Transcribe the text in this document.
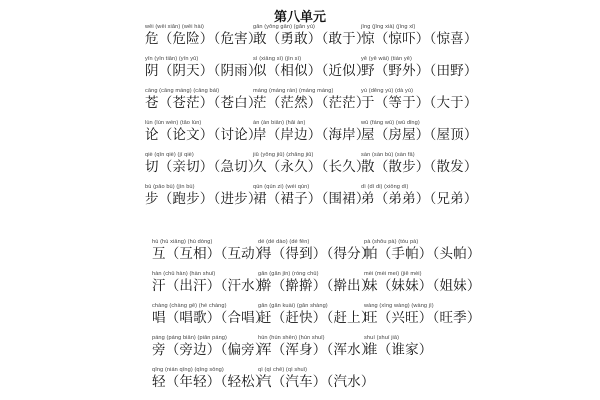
第八单元
wēi (wēi xiǎn) (wēi hài)
危（危险）（危害）
gǎn (yǒng gǎn) (gǎn yú)
敢（勇敢）（敢于）
jīng (jīng xià) (jīng xǐ)
惊（惊吓）（惊喜）
yīn (yīn tiān) (yīn yǔ)
阴（阴天）（阴雨）
sì (xiāng sì) (jìn sì)
似（相似）（近似）
yě (yě wài) (tián yě)
野（野外）（田野）
cāng (cāng máng) (cāng bái)
苍（苍茫）（苍白）
máng (máng rán) (máng máng)
茫（茫然）（茫茫）
yú (děng yú) (dà yú)
于（等于）（大于）
lùn (lùn wén) (tǎo lùn)
论（论文）（讨论）
àn (àn biān) (hǎi àn)
岸（岸边）（海岸）
wū (fáng wū) (wū dǐng)
屋（房屋）（屋顶）
qiè (qīn qiè) (jí qiè)
切（亲切）（急切）
jiǔ (yǒng jiǔ) (zhǎng jiǔ)
久（永久）（长久）
sàn (sàn bù) (sàn fā)
散（散步）（散发）
bù (pǎo bù) (jìn bù)
步（跑步）（进步）
qún (qún zi) (wéi qún)
裙（裙子）（围裙）
dì (dì di) (xiōng dì)
弟（弟弟）（兄弟）
hù (hù xiāng) (hù dòng)
互（互相）（互动）
dé (dé dào) (dé fēn)
得（得到）（得分）
pà (shǒu pà) (tóu pà)
帕（手帕）（头帕）
hàn (chū hàn) (hàn shuǐ)
汗（出汗）（汗水）
gǎn (gǎn jǐn) (róng chū)
擀（擀擀）（擀出）
mèi (mèi mei) (jiě mèi)
妹（妹妹）（姐妹）
chàng (chàng gē) (hé chàng)
唱（唱歌）（合唱）
gǎn (gǎn kuài) (gǎn shàng)
赶（赶快）（赶上）
wàng (xìng wàng) (wàng jì)
旺（兴旺）（旺季）
páng (páng biān) (piān páng)
旁（旁边）（偏旁）
hún (hún shēn) (hún shuǐ)
浑（浑身）（浑水）
shuí (shuí jiā)
谁（谁家）
qīng (nián qīng) (qīng sōng)
轻（年轻）（轻松）
qì (qì chē) (qì shuǐ)
汽（汽车）（汽水）
